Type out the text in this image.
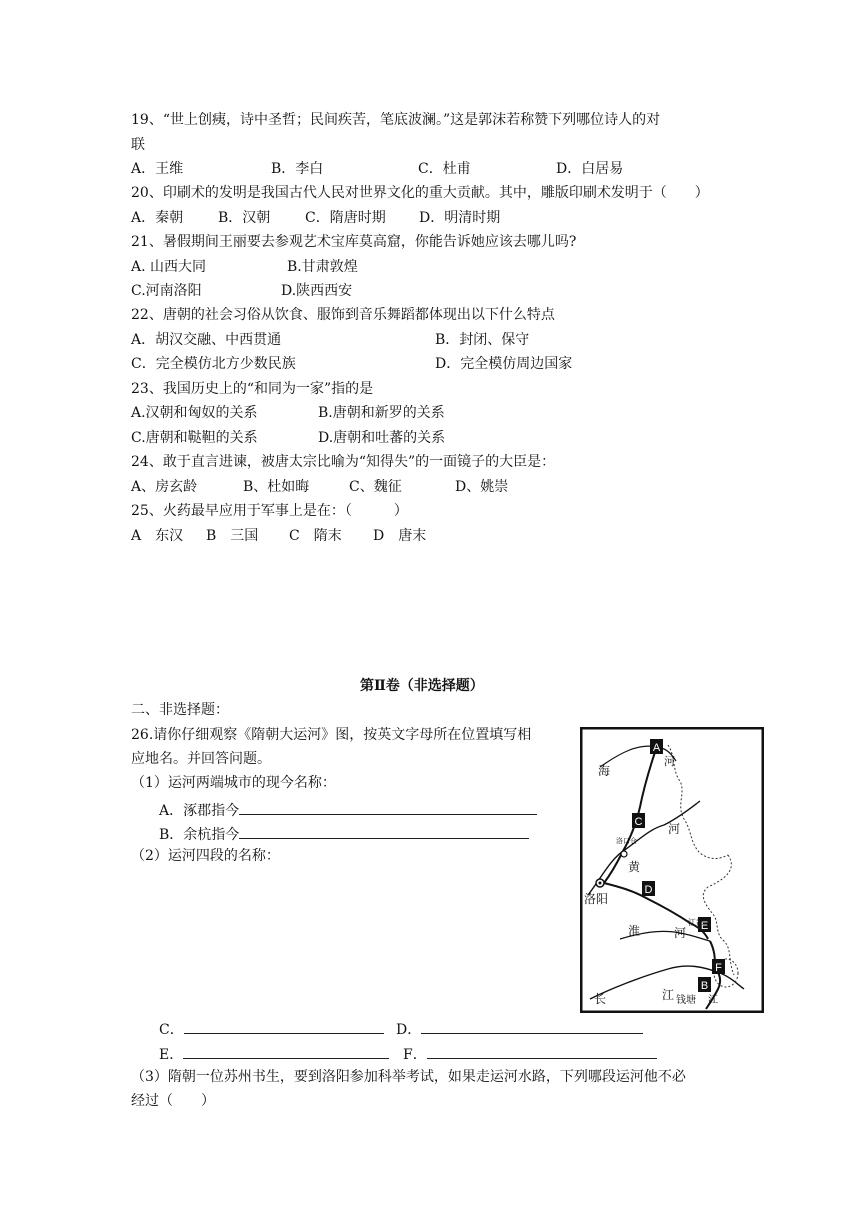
19、“世上创痍，诗中圣哲；民间疾苦，笔底波澜。”这是郭沫若称赞下列哪位诗人的对
联
A．王维	B．李白	C．杜甫	D．白居易
20、印刷术的发明是我国古代人民对世界文化的重大贡献。其中，雕版印刷术发明于（　　）
A．秦朝 B．汉朝 C．隋唐时期 D．明清时期
21、暑假期间王丽要去参观艺术宝库莫高窟，你能告诉她应该去哪儿吗?
A. 山西大同	B.甘肃敦煌
C.河南洛阳	D.陕西西安
22、唐朝的社会习俗从饮食、服饰到音乐舞蹈都体现出以下什么特点
A．胡汉交融、中西贯通	B．封闭、保守
C．完全模仿北方少数民族	D．完全模仿周边国家
23、我国历史上的“和同为一家”指的是
A.汉朝和匈奴的关系	B.唐朝和新罗的关系
C.唐朝和鞑靼的关系	D.唐朝和吐蕃的关系
24、敢于直言进谏，被唐太宗比喻为“知得失”的一面镜子的大臣是：
A、房玄龄	B、杜如晦	C、魏征	D、姚崇
25、火药最早应用于军事上是在：（　　　）
A　东汉 B　三国 C　隋末 D　唐末
第Ⅱ卷（非选择题）
二、非选择题：
26.请你仔细观察《隋朝大运河》图，按英文字母所在位置填写相
应地名。并回答问题。
（1）运河两端城市的现今名称：
A．涿郡指今
B．余杭指今
（2）运河四段的名称：
C．	D．
E．	F．
（3）隋朝一位苏州书生，要到洛阳参加科举考试，如果走运河水路，下列哪段运河他不必
经过（　　）
A
C
D
E
F
B
海
河
河
洛口仓
黄
洛阳
淮	河
江都
长	江 钱塘 江
